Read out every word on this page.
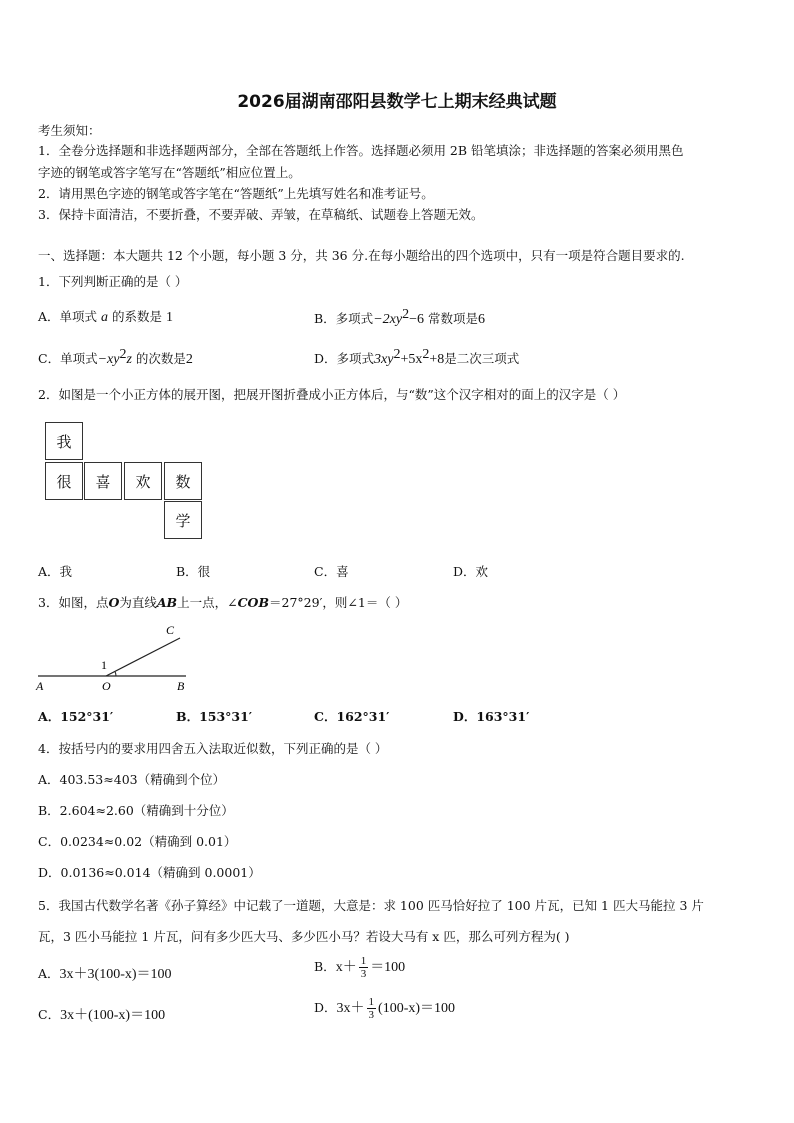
2026届湖南邵阳县数学七上期末经典试题
考生须知：
1．全卷分选择题和非选择题两部分，全部在答题纸上作答。选择题必须用 2B 铅笔填涂；非选择题的答案必须用黑色
字迹的钢笔或答字笔写在“答题纸”相应位置上。
2．请用黑色字迹的钢笔或答字笔在“答题纸”上先填写姓名和准考证号。
3．保持卡面清洁，不要折叠，不要弄破、弄皱，在草稿纸、试题卷上答题无效。
一、选择题：本大题共 12 个小题，每小题 3 分，共 36 分.在每小题给出的四个选项中，只有一项是符合题目要求的.
1．下列判断正确的是（ ）
A．单项式 a 的系数是 1	B．多项式$-2xy^2-6$ 常数项是6
C．单项式$-xy^2z$ 的次数是2	D．多项式$3xy^2+5x^2+8$是二次三项式
2．如图是一个小正方体的展开图，把展开图折叠成小正方体后，与“数”这个汉字相对的面上的汉字是（ ）
我
很	喜	欢	数
学
A．我	B．很	C．喜	D．欢
3．如图，点O为直线AB上一点，∠COB＝27°29′，则∠1＝（ ）
A	O	B
C
1
A．152°31′	B．153°31′	C．162°31′	D．163°31′
4．按括号内的要求用四舍五入法取近似数，下列正确的是（ ）
A．403.53≈403（精确到个位）
B．2.604≈2.60（精确到十分位）
C．0.0234≈0.02（精确到 0.01）
D．0.0136≈0.014（精确到 0.0001）
5．我国古代数学名著《孙子算经》中记载了一道题，大意是：求 100 匹马恰好拉了 100 片瓦，已知 1 匹大马能拉 3 片
瓦，3 匹小马能拉 1 片瓦，问有多少匹大马、多少匹小马？若设大马有 x 匹，那么可列方程为( )
A．3x＋3(100-x)＝100
B．$x+ \frac{1}{3} =100$
C．3x＋(100-x)＝100
D．$3x+ \frac{1}{3} (100-x)=100$
